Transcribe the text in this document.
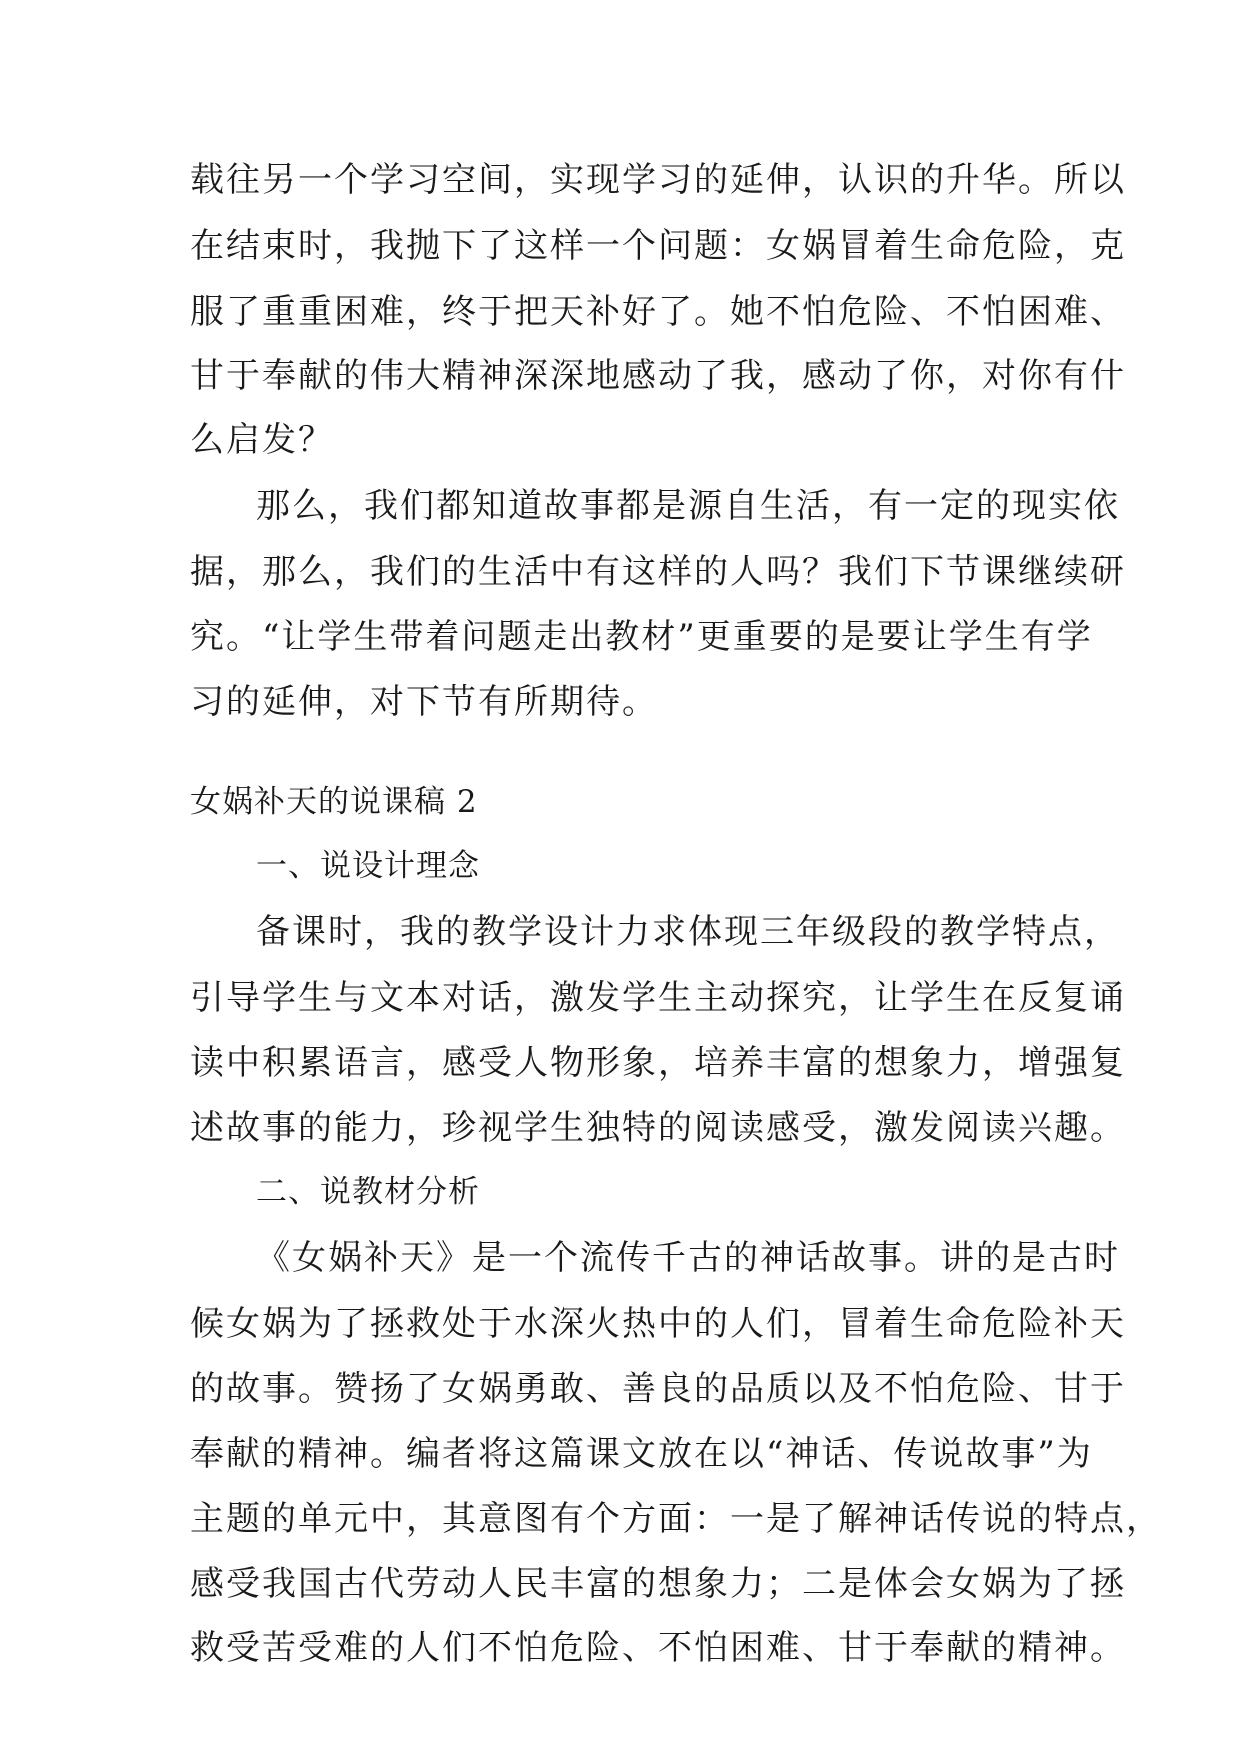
载往另一个学习空间，实现学习的延伸，认识的升华。所以

在结束时，我抛下了这样一个问题：女娲冒着生命危险，克

服了重重困难，终于把天补好了。她不怕危险、不怕困难、

甘于奉献的伟大精神深深地感动了我，感动了你，对你有什

么启发？

那么，我们都知道故事都是源自生活，有一定的现实依

据，那么，我们的生活中有这样的人吗？我们下节课继续研

究。“让学生带着问题走出教材”更重要的是要让学生有学

习的延伸，对下节有所期待。

女娲补天的说课稿 2

一、说设计理念

备课时，我的教学设计力求体现三年级段的教学特点，

引导学生与文本对话，激发学生主动探究，让学生在反复诵

读中积累语言，感受人物形象，培养丰富的想象力，增强复

述故事的能力，珍视学生独特的阅读感受，激发阅读兴趣。

二、说教材分析

《女娲补天》是一个流传千古的神话故事。讲的是古时

候女娲为了拯救处于水深火热中的人们，冒着生命危险补天

的故事。赞扬了女娲勇敢、善良的品质以及不怕危险、甘于

奉献的精神。编者将这篇课文放在以“神话、传说故事”为

主题的单元中，其意图有个方面：一是了解神话传说的特点，

感受我国古代劳动人民丰富的想象力；二是体会女娲为了拯

救受苦受难的人们不怕危险、不怕困难、甘于奉献的精神。
